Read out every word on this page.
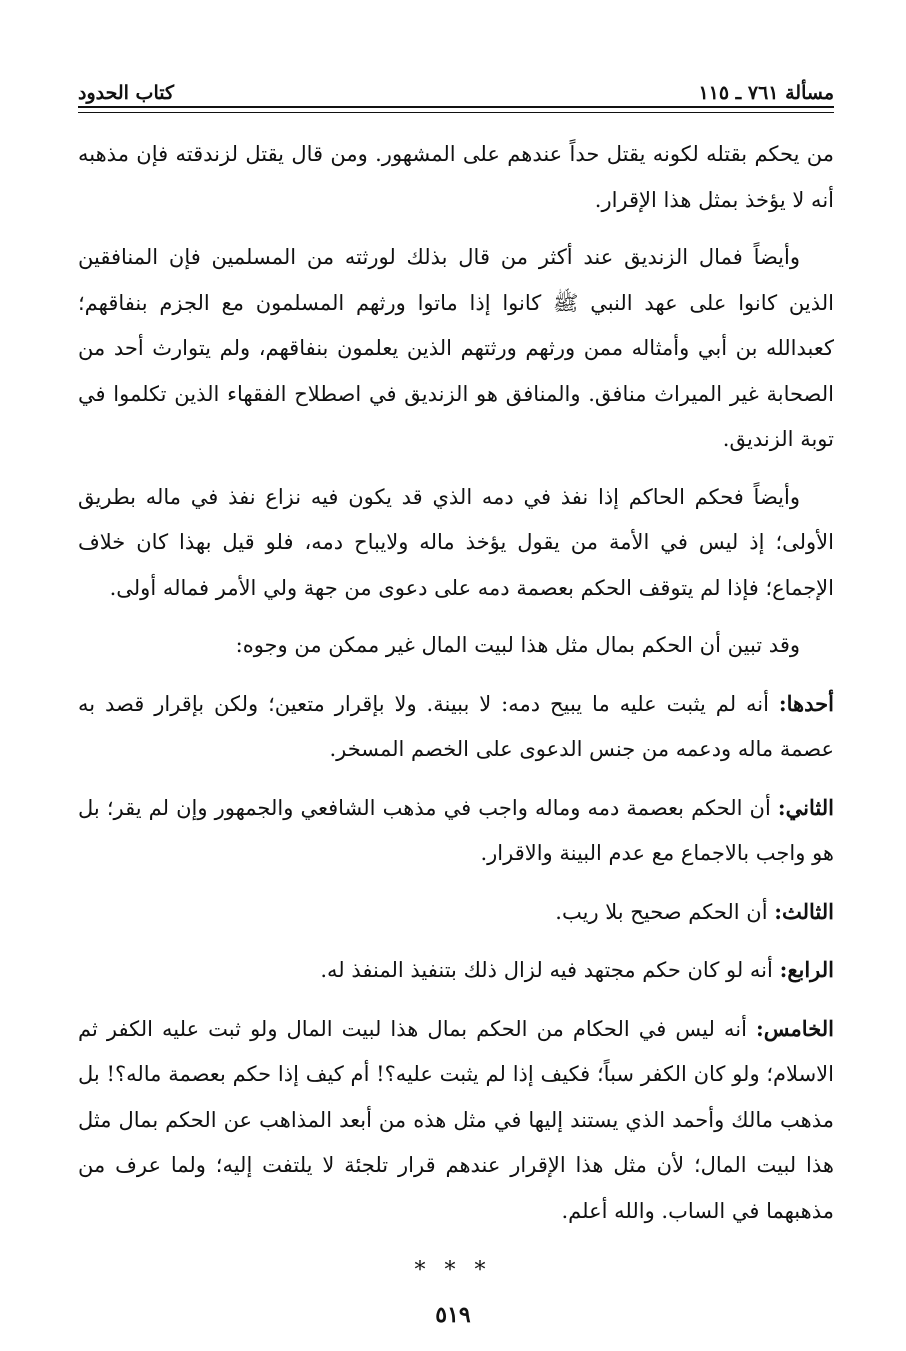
مسألة ٧٦١ ـ ١١٥
كتاب الحدود

من يحكم بقتله لكونه يقتل حداً عندهم على المشهور. ومن قال يقتل لزندقته فإن مذهبه أنه لا يؤخذ بمثل هذا الإقرار.

وأيضاً فمال الزنديق عند أكثر من قال بذلك لورثته من المسلمين فإن المنافقين الذين كانوا على عهد النبي ﷺ كانوا إذا ماتوا ورثهم المسلمون مع الجزم بنفاقهم؛ كعبدالله بن أبي وأمثاله ممن ورثهم ورثتهم الذين يعلمون بنفاقهم، ولم يتوارث أحد من الصحابة غير الميراث منافق. والمنافق هو الزنديق في اصطلاح الفقهاء الذين تكلموا في توبة الزنديق.

وأيضاً فحكم الحاكم إذا نفذ في دمه الذي قد يكون فيه نزاع نفذ في ماله بطريق الأولى؛ إذ ليس في الأمة من يقول يؤخذ ماله ولايباح دمه، فلو قيل بهذا كان خلاف الإجماع؛ فإذا لم يتوقف الحكم بعصمة دمه على دعوى من جهة ولي الأمر فماله أولى.

وقد تبين أن الحكم بمال مثل هذا لبيت المال غير ممكن من وجوه:

أحدها: أنه لم يثبت عليه ما يبيح دمه: لا ببينة. ولا بإقرار متعين؛ ولكن بإقرار قصد به عصمة ماله ودعمه من جنس الدعوى على الخصم المسخر.

الثاني: أن الحكم بعصمة دمه وماله واجب في مذهب الشافعي والجمهور وإن لم يقر؛ بل هو واجب بالاجماع مع عدم البينة والاقرار.

الثالث: أن الحكم صحيح بلا ريب.

الرابع: أنه لو كان حكم مجتهد فيه لزال ذلك بتنفيذ المنفذ له.

الخامس: أنه ليس في الحكام من الحكم بمال هذا لبيت المال ولو ثبت عليه الكفر ثم الاسلام؛ ولو كان الكفر سباً؛ فكيف إذا لم يثبت عليه؟! أم كيف إذا حكم بعصمة ماله؟! بل مذهب مالك وأحمد الذي يستند إليها في مثل هذه من أبعد المذاهب عن الحكم بمال مثل هذا لبيت المال؛ لأن مثل هذا الإقرار عندهم قرار تلجئة لا يلتفت إليه؛ ولما عرف من مذهبهما في الساب. والله أعلم.

* * *
٥١٩
